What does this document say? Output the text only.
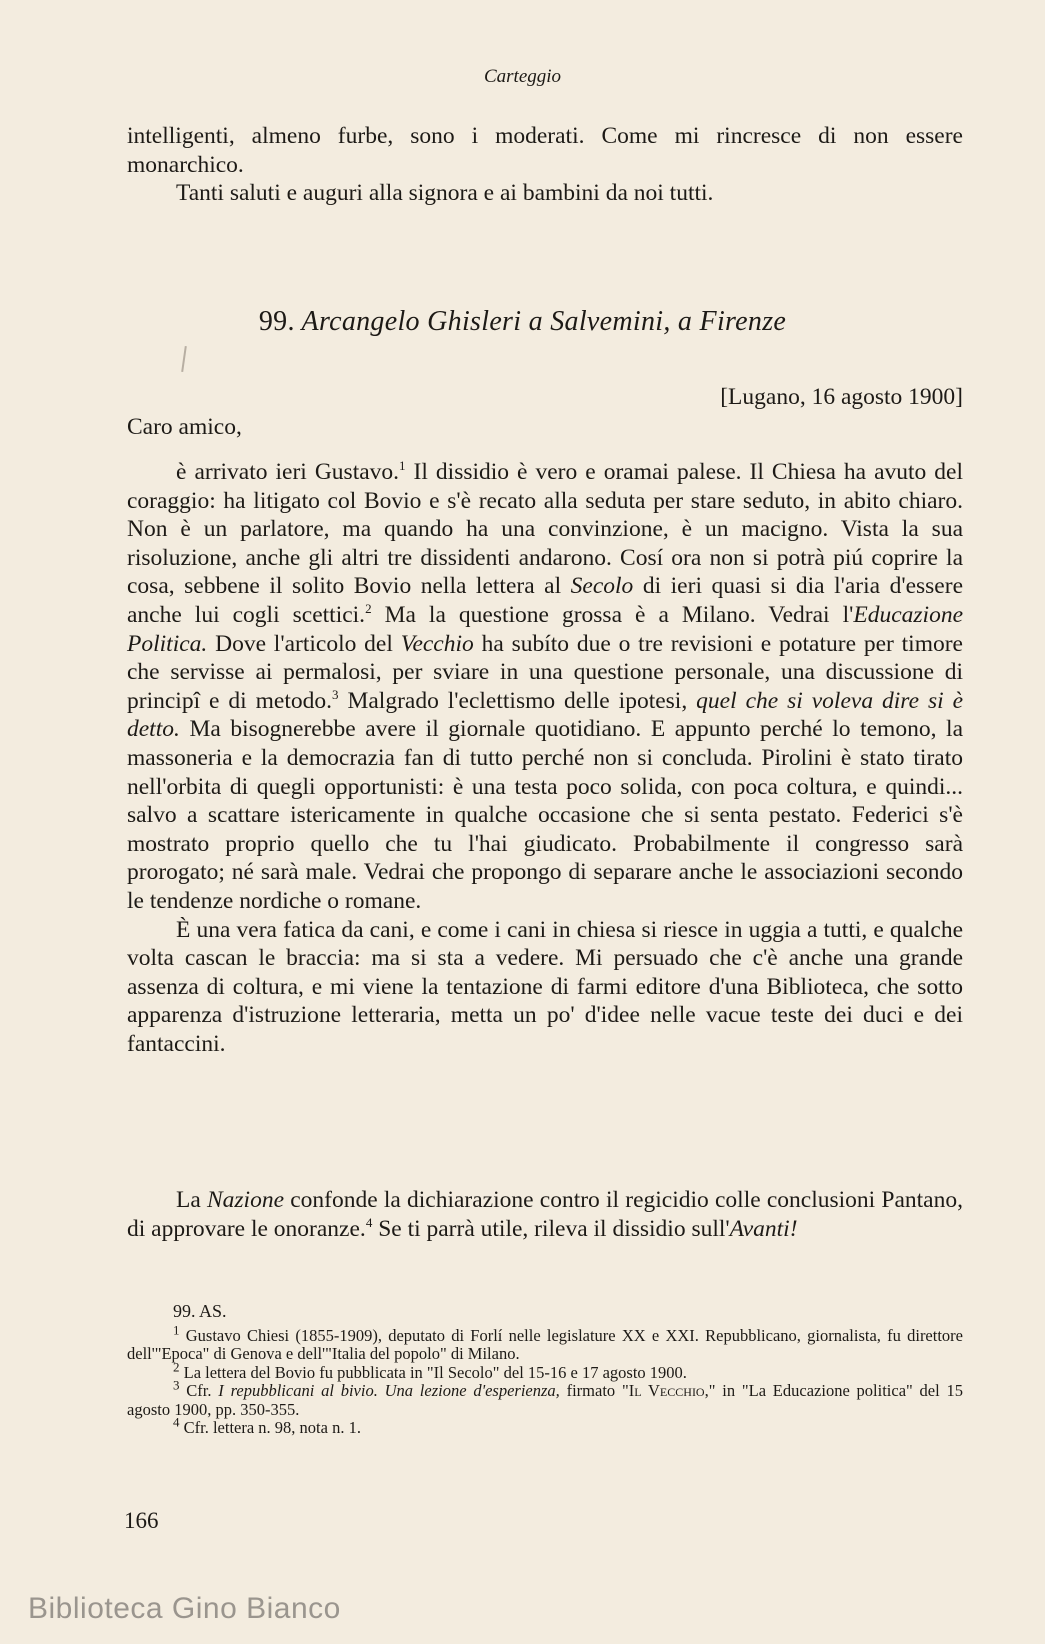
Carteggio

intelligenti, almeno furbe, sono i moderati. Come mi rincresce di non essere monarchico.

Tanti saluti e auguri alla signora e ai bambini da noi tutti.

99. Arcangelo Ghisleri a Salvemini, a Firenze
[Lugano, 16 agosto 1900]
Caro amico,

è arrivato ieri Gustavo.$^1$ Il dissidio è vero e oramai palese. Il Chiesa ha avuto del coraggio: ha litigato col Bovio e s'è recato alla seduta per stare seduto, in abito chiaro. Non è un parlatore, ma quando ha una convinzione, è un macigno. Vista la sua risoluzione, anche gli altri tre dissidenti andarono. Cosí ora non si potrà piú coprire la cosa, sebbene il solito Bovio nella lettera al Secolo di ieri quasi si dia l'aria d'essere anche lui cogli scettici.$^2$ Ma la questione grossa è a Milano. Vedrai l'Educazione Politica. Dove l'articolo del Vecchio ha subíto due o tre revisioni e potature per timore che servisse ai permalosi, per sviare in una questione personale, una discussione di principî e di metodo.$^3$ Malgrado l'eclettismo delle ipotesi, quel che si voleva dire si è detto. Ma bisognerebbe avere il giornale quotidiano. E appunto perché lo temono, la massoneria e la democrazia fan di tutto perché non si concluda. Pirolini è stato tirato nell'orbita di quegli opportunisti: è una testa poco solida, con poca coltura, e quindi... salvo a scattare istericamente in qualche occasione che si senta pestato. Federici s'è mostrato proprio quello che tu l'hai giudicato. Probabilmente il congresso sarà prorogato; né sarà male. Vedrai che propongo di separare anche le associazioni secondo le tendenze nordiche o romane.

È una vera fatica da cani, e come i cani in chiesa si riesce in uggia a tutti, e qualche volta cascan le braccia: ma si sta a vedere. Mi persuado che c'è anche una grande assenza di coltura, e mi viene la tentazione di farmi editore d'una Biblioteca, che sotto apparenza d'istruzione letteraria, metta un po' d'idee nelle vacue teste dei duci e dei fantaccini.

La Nazione confonde la dichiarazione contro il regicidio colle conclusioni Pantano, di approvare le onoranze.$^4$ Se ti parrà utile, rileva il dissidio sull'Avanti!

99. AS.

$^1$ Gustavo Chiesi (1855-1909), deputato di Forlí nelle legislature XX e XXI. Repubblicano, giornalista, fu direttore dell'"Epoca" di Genova e dell'"Italia del popolo" di Milano.

$^2$ La lettera del Bovio fu pubblicata in "Il Secolo" del 15-16 e 17 agosto 1900.

$^3$ Cfr. I repubblicani al bivio. Una lezione d'esperienza, firmato "Il Vecchio," in "La Educazione politica" del 15 agosto 1900, pp. 350-355.

$^4$ Cfr. lettera n. 98, nota n. 1.

166
Biblioteca Gino Bianco
